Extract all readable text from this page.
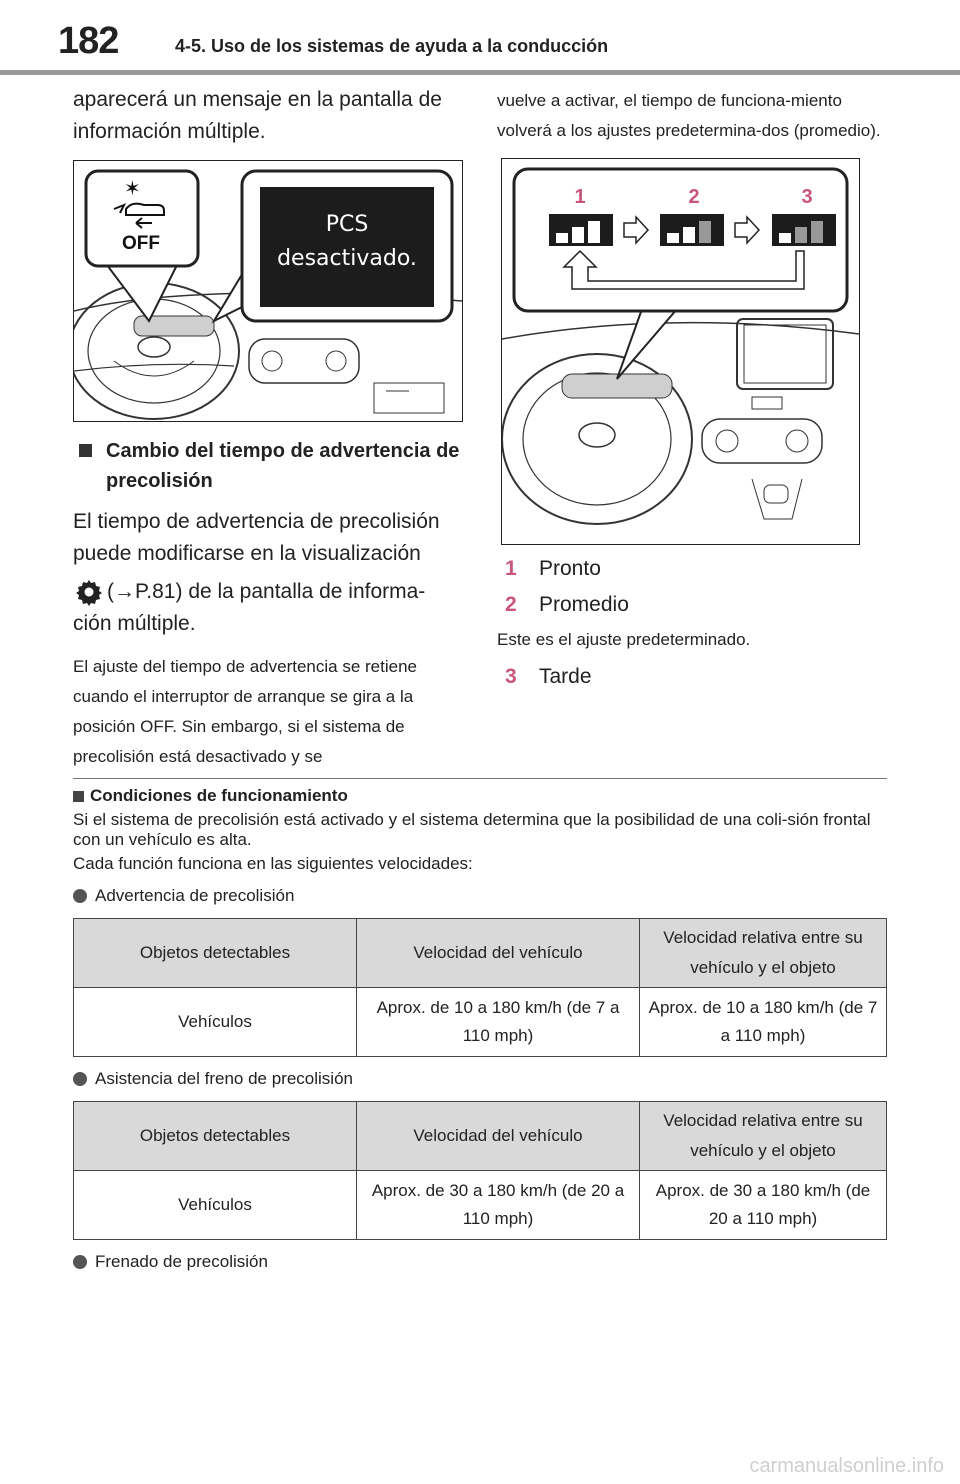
182	4-5. Uso de los sistemas de ayuda a la conducción

aparecerá un mensaje en la pantalla de información múltiple.

✶
OFF
PCS
desactivado.
Cambio del tiempo de advertencia de precolisión

El tiempo de advertencia de precolisión puede modificarse en la visualización

(→P.81) de la pantalla de informa-ción múltiple.

El ajuste del tiempo de advertencia se retiene cuando el interruptor de arranque se gira a la posición OFF. Sin embargo, si el sistema de precolisión está desactivado y se

vuelve a activar, el tiempo de funciona-miento volverá a los ajustes predetermina-dos (promedio).

1	2	3
1	Pronto
2	Promedio

Este es el ajuste predeterminado.

3	Tarde
Condiciones de funcionamiento

Si el sistema de precolisión está activado y el sistema determina que la posibilidad de una coli-sión frontal con un vehículo es alta.

Cada función funciona en las siguientes velocidades:

Advertencia de precolisión
Objetos detectables	Velocidad del vehículo	Velocidad relativa entre su vehículo y el objeto
Vehículos	Aprox. de 10 a 180 km/h (de 7 a 110 mph)	Aprox. de 10 a 180 km/h (de 7 a 110 mph)
Asistencia del freno de precolisión
Objetos detectables	Velocidad del vehículo	Velocidad relativa entre su vehículo y el objeto
Vehículos	Aprox. de 30 a 180 km/h (de 20 a 110 mph)	Aprox. de 30 a 180 km/h (de 20 a 110 mph)
Frenado de precolisión
carmanualsonline.info
